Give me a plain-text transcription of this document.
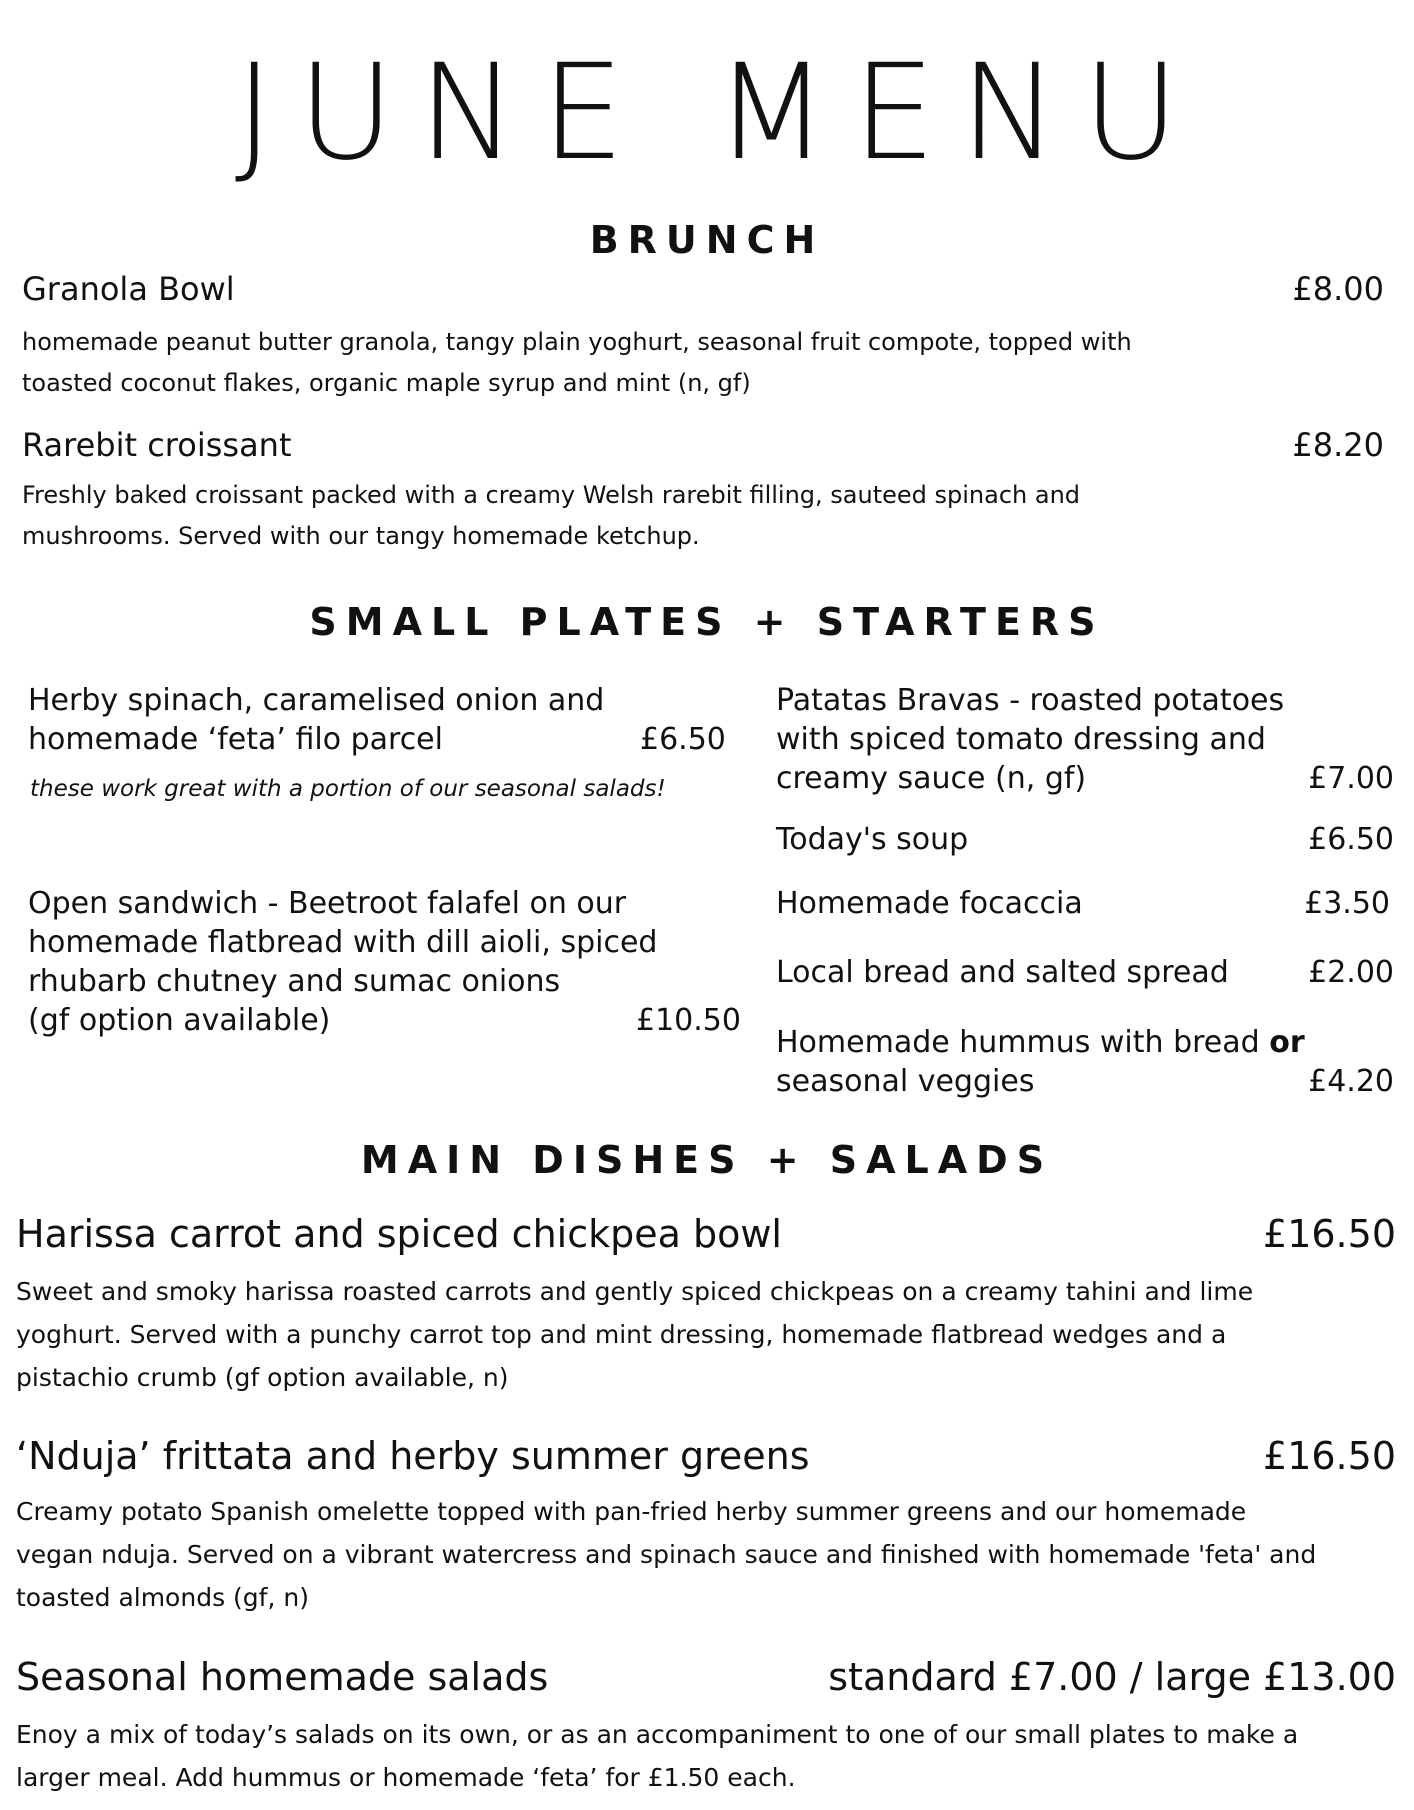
JUNE MENU
BRUNCH
Granola Bowl	£8.00
homemade peanut butter granola, tangy plain yoghurt, seasonal fruit compote, topped with
toasted coconut flakes, organic maple syrup and mint (n, gf)
Rarebit croissant	£8.20
Freshly baked croissant packed with a creamy Welsh rarebit filling, sauteed spinach and
mushrooms. Served with our tangy homemade ketchup.
SMALL PLATES + STARTERS
Herby spinach, caramelised onion and
homemade ‘feta’ filo parcel	£6.50
these work great with a portion of our seasonal salads!
Open sandwich - Beetroot falafel on our
homemade flatbread with dill aioli, spiced
rhubarb chutney and sumac onions
(gf option available)	£10.50
Patatas Bravas - roasted potatoes
with spiced tomato dressing and
creamy sauce (n, gf)	£7.00
Today's soup	£6.50
Homemade focaccia	£3.50
Local bread and salted spread	£2.00
Homemade hummus with bread or
seasonal veggies	£4.20
MAIN DISHES + SALADS
Harissa carrot and spiced chickpea bowl	£16.50
Sweet and smoky harissa roasted carrots and gently spiced chickpeas on a creamy tahini and lime
yoghurt. Served with a punchy carrot top and mint dressing, homemade flatbread wedges and a
pistachio crumb (gf option available, n)
‘Nduja’ frittata and herby summer greens	£16.50
Creamy potato Spanish omelette topped with pan-fried herby summer greens and our homemade
vegan nduja. Served on a vibrant watercress and spinach sauce and finished with homemade 'feta' and
toasted almonds (gf, n)
Seasonal homemade salads	standard £7.00 / large £13.00
Enoy a mix of today’s salads on its own, or as an accompaniment to one of our small plates to make a
larger meal. Add hummus or homemade ‘feta’ for £1.50 each.
